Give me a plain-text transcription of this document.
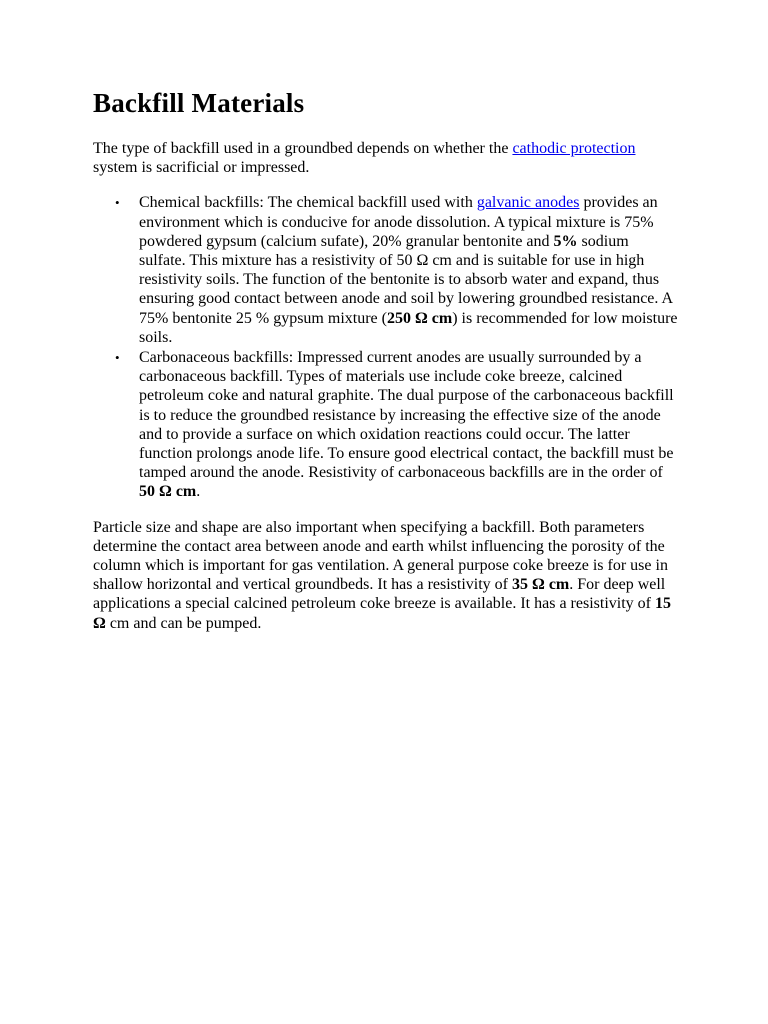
Backfill Materials

The type of backfill used in a groundbed depends on whether the cathodic protection system is sacrificial or impressed.

• Chemical backfills: The chemical backfill used with galvanic anodes provides an environment which is conducive for anode dissolution. A typical mixture is 75% powdered gypsum (calcium sufate), 20% granular bentonite and 5% sodium sulfate. This mixture has a resistivity of 50 Ω cm and is suitable for use in high resistivity soils. The function of the bentonite is to absorb water and expand, thus ensuring good contact between anode and soil by lowering groundbed resistance. A 75% bentonite 25 % gypsum mixture (250 Ω cm) is recommended for low moisture soils.
• Carbonaceous backfills: Impressed current anodes are usually surrounded by a carbonaceous backfill. Types of materials use include coke breeze, calcined petroleum coke and natural graphite. The dual purpose of the carbonaceous backfill is to reduce the groundbed resistance by increasing the effective size of the anode and to provide a surface on which oxidation reactions could occur. The latter function prolongs anode life. To ensure good electrical contact, the backfill must be tamped around the anode. Resistivity of carbonaceous backfills are in the order of 50 Ω cm.

Particle size and shape are also important when specifying a backfill. Both parameters determine the contact area between anode and earth whilst influencing the porosity of the column which is important for gas ventilation. A general purpose coke breeze is for use in shallow horizontal and vertical groundbeds. It has a resistivity of 35 Ω cm. For deep well applications a special calcined petroleum coke breeze is available. It has a resistivity of 15 Ω cm and can be pumped.
